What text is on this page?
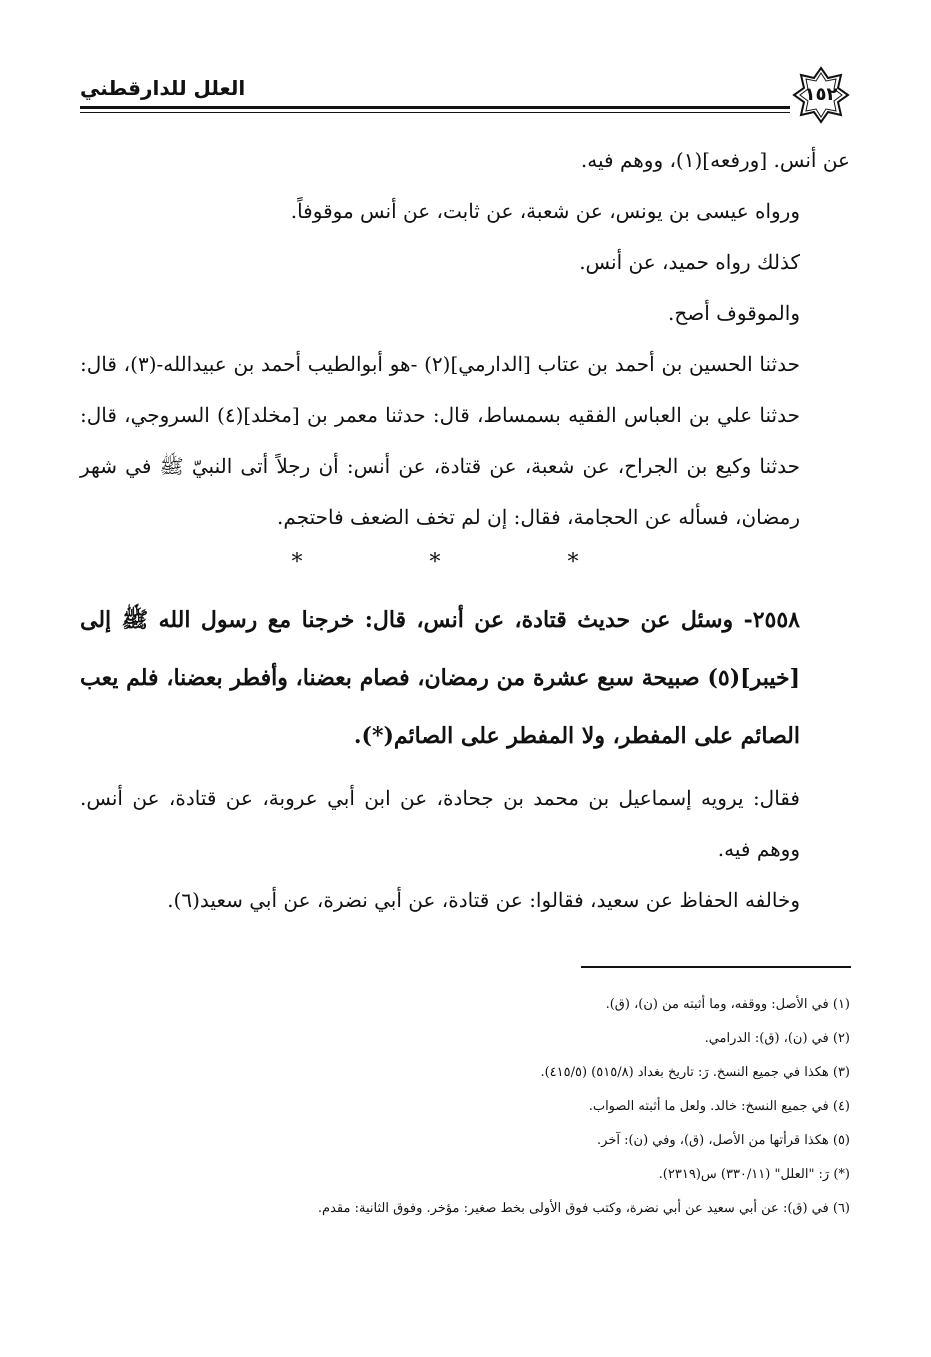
العلل للدارقطني	١٥٢

عن أنس. [ورفعه](١)، ووهم فيه.

ورواه عيسى بن يونس، عن شعبة، عن ثابت، عن أنس موقوفاً.

كذلك رواه حميد، عن أنس.

والموقوف أصح.

حدثنا الحسين بن أحمد بن عتاب [الدارمي](٢) -هو أبوالطيب أحمد بن عبيدالله-(٣)، قال: حدثنا علي بن العباس الفقيه بسمساط، قال: حدثنا معمر بن [مخلد](٤) السروجي، قال: حدثنا وكيع بن الجراح، عن شعبة، عن قتادة، عن أنس: أن رجلاً أتى النبيّ ﷺ في شهر رمضان، فسأله عن الحجامة، فقال: إن لم تخف الضعف فاحتجم.

* * *

٢٥٥٨- وسئل عن حديث قتادة، عن أنس، قال: خرجنا مع رسول الله ﷺ إلى [خيبر](٥) صبيحة سبع عشرة من رمضان، فصام بعضنا، وأفطر بعضنا، فلم يعب الصائم على المفطر، ولا المفطر على الصائم(*).

فقال: يرويه إسماعيل بن محمد بن جحادة، عن ابن أبي عروبة، عن قتادة، عن أنس. ووهم فيه.

وخالفه الحفاظ عن سعيد، فقالوا: عن قتادة، عن أبي نضرة، عن أبي سعيد(٦).

(١) في الأصل: ووقفه، وما أثبته من (ن)، (ق).

(٢) في (ن)، (ق): الدرامي.

(٣) هكذا في جميع النسخ. رَ: تاريخ بغداد (٥١٥/٨) (٤١٥/٥).

(٤) في جميع النسخ: خالد. ولعل ما أثبته الصواب.

(٥) هكذا قرأتها من الأصل، (ق)، وفي (ن): آخر.

(*) رَ: "العلل" (٣٣٠/١١) س(٢٣١٩).

(٦) في (ق): عن أبي سعيد عن أبي نضرة، وكتب فوق الأولى بخط صغير: مؤخر. وفوق الثانية: مقدم.
